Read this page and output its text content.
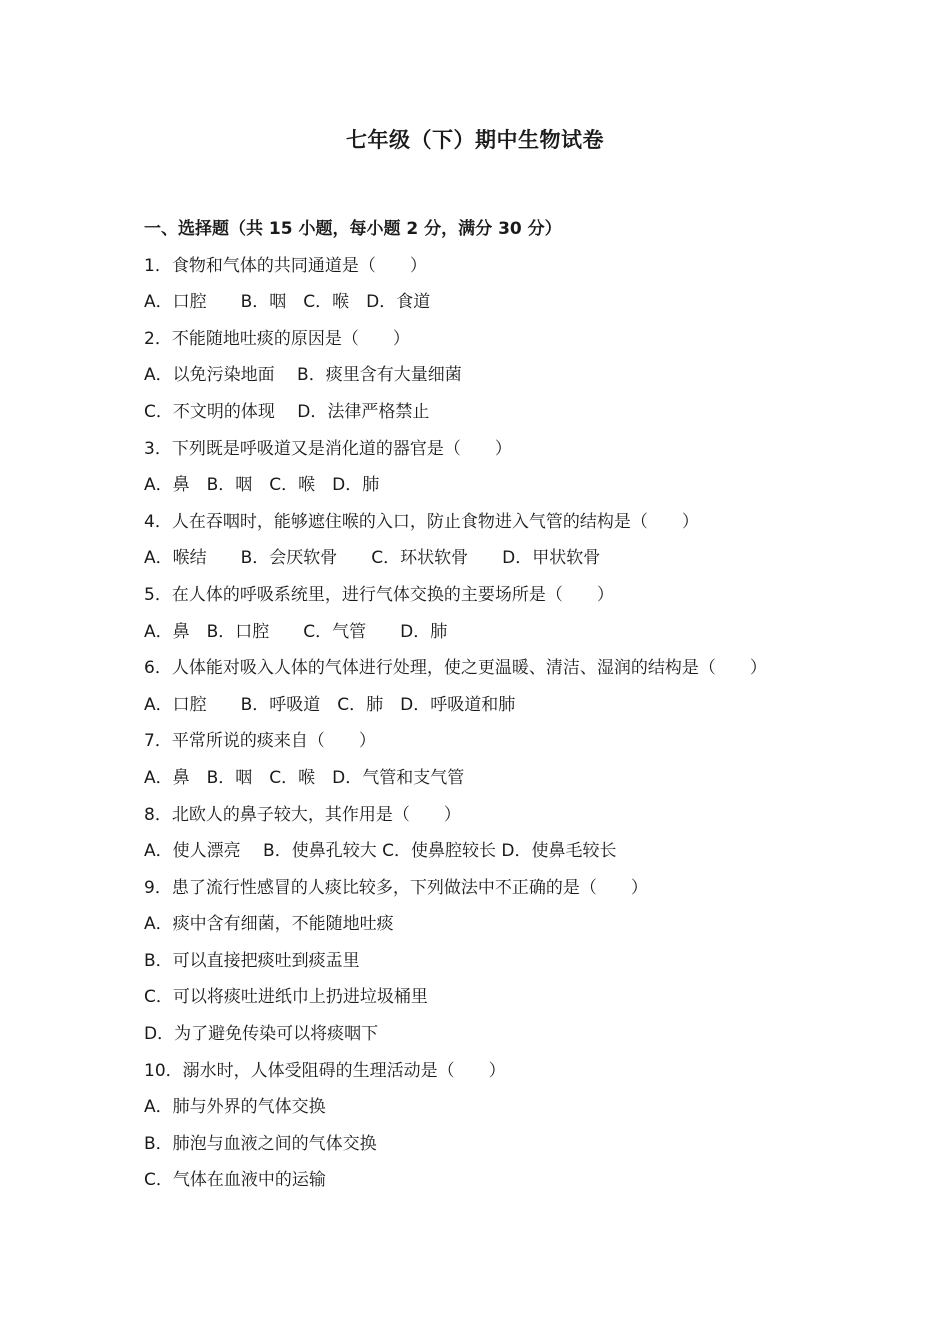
七年级（下）期中生物试卷
一、选择题（共 15 小题，每小题 2 分，满分 30 分）
1．食物和气体的共同通道是（　　）
A．口腔　　B．咽　C．喉　D．食道
2．不能随地吐痰的原因是（　　）
A．以免污染地面　 B．痰里含有大量细菌
C．不文明的体现　 D．法律严格禁止
3．下列既是呼吸道又是消化道的器官是（　　）
A．鼻　B．咽　C．喉　D．肺
4．人在吞咽时，能够遮住喉的入口，防止食物进入气管的结构是（　　）
A．喉结　　B．会厌软骨　　C．环状软骨　　D．甲状软骨
5．在人体的呼吸系统里，进行气体交换的主要场所是（　　）
A．鼻　B．口腔　　C．气管　　D．肺
6．人体能对吸入人体的气体进行处理，使之更温暖、清洁、湿润的结构是（　　）
A．口腔　　B．呼吸道　C．肺　D．呼吸道和肺
7．平常所说的痰来自（　　）
A．鼻　B．咽　C．喉　D．气管和支气管
8．北欧人的鼻子较大，其作用是（　　）
A．使人漂亮　 B．使鼻孔较大 C．使鼻腔较长 D．使鼻毛较长
9．患了流行性感冒的人痰比较多，下列做法中不正确的是（　　）
A．痰中含有细菌，不能随地吐痰
B．可以直接把痰吐到痰盂里
C．可以将痰吐进纸巾上扔进垃圾桶里
D．为了避免传染可以将痰咽下
10．溺水时，人体受阻碍的生理活动是（　　）
A．肺与外界的气体交换
B．肺泡与血液之间的气体交换
C．气体在血液中的运输
